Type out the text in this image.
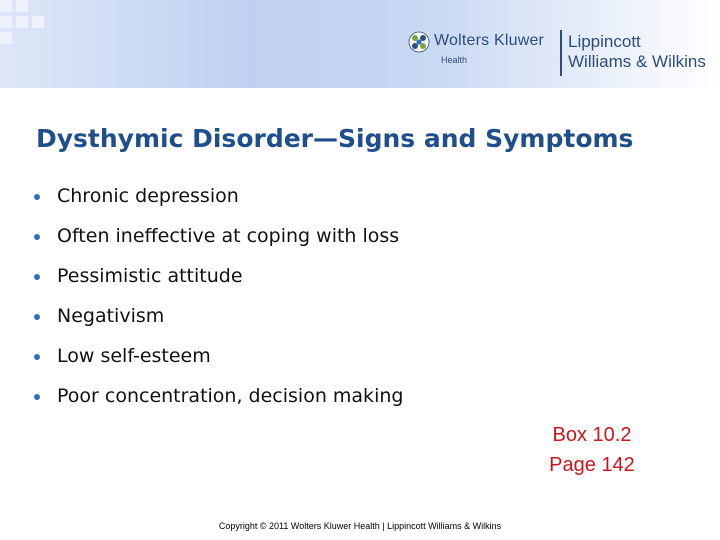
Wolters Kluwer
Health
Lippincott
Williams & Wilkins
Dysthymic Disorder—Signs and Symptoms
Chronic depression
Often ineffective at coping with loss
Pessimistic attitude
Negativism
Low self-esteem
Poor concentration, decision making
Box 10.2
Page 142
Copyright © 2011 Wolters Kluwer Health | Lippincott Williams & Wilkins
